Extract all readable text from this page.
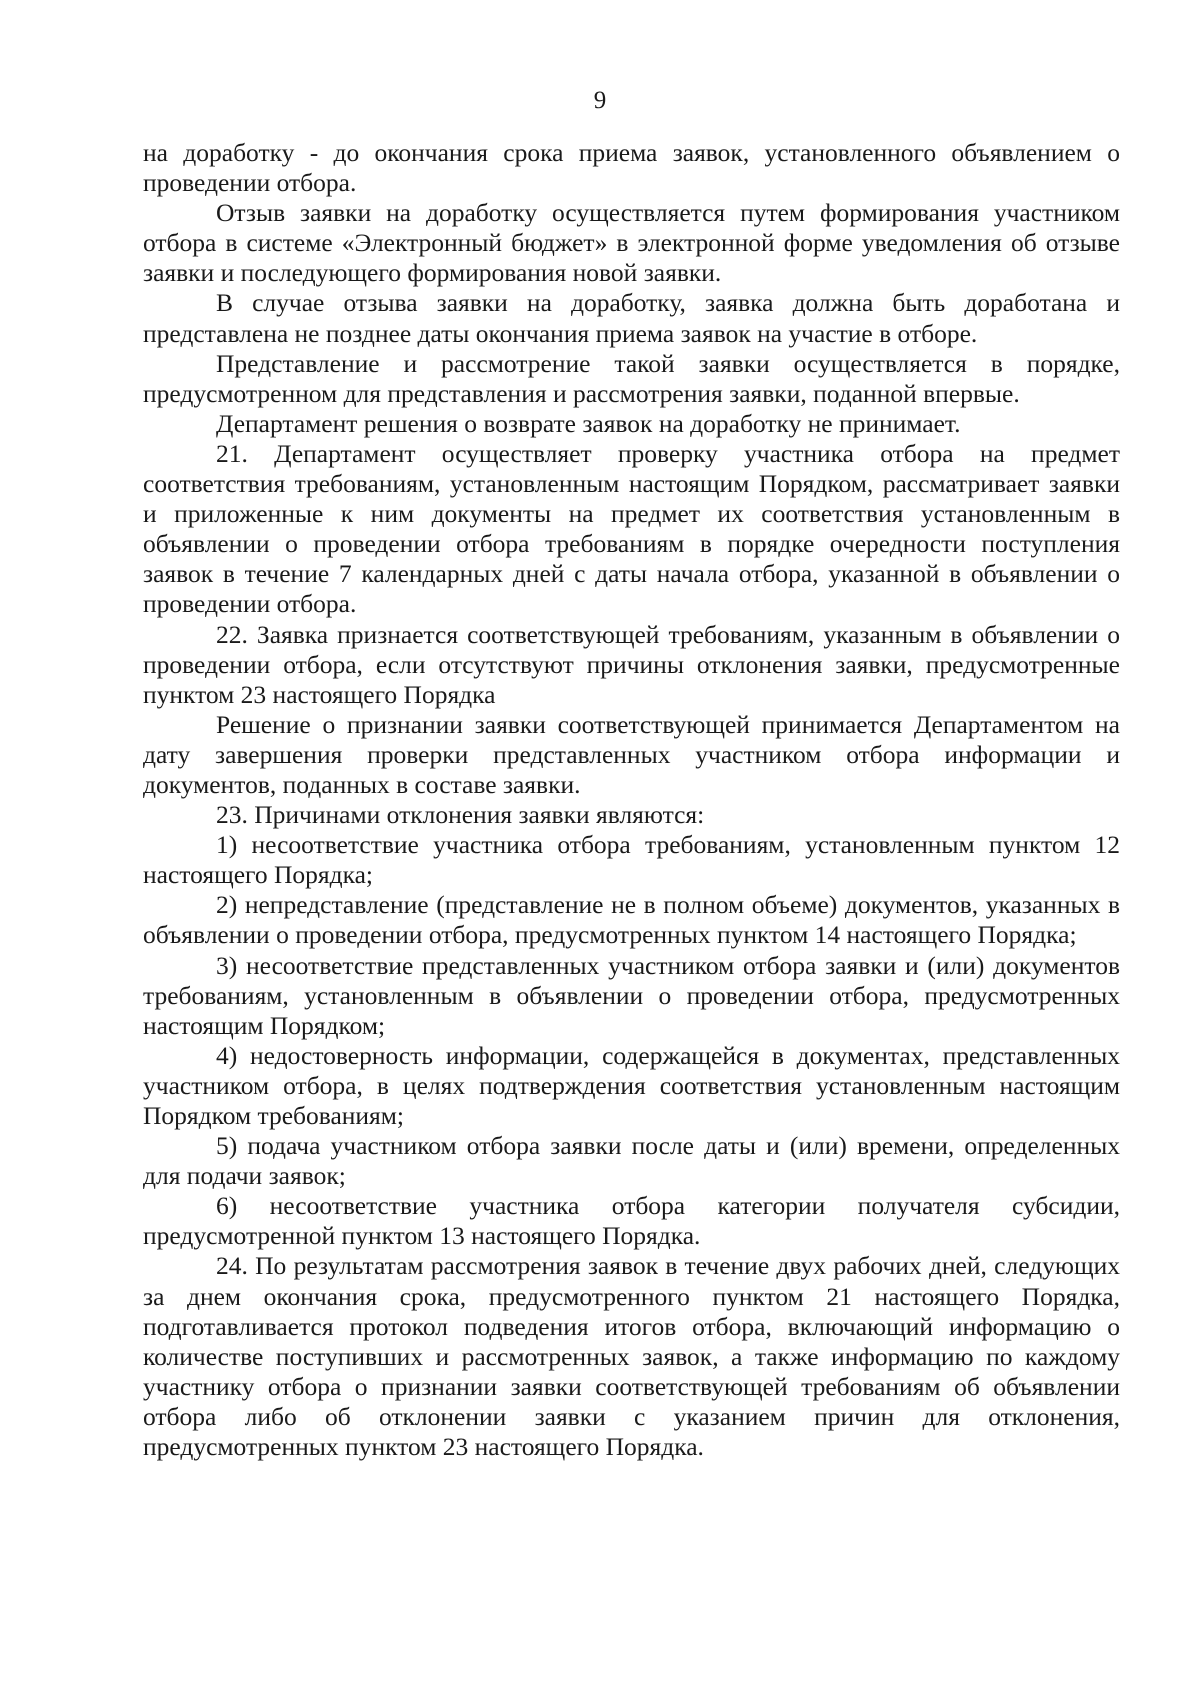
9

на доработку - до окончания срока приема заявок, установленного объявлением о проведении отбора.

Отзыв заявки на доработку осуществляется путем формирования участником отбора в системе «Электронный бюджет» в электронной форме уведомления об отзыве заявки и последующего формирования новой заявки.

В случае отзыва заявки на доработку, заявка должна быть доработана и представлена не позднее даты окончания приема заявок на участие в отборе.

Представление и рассмотрение такой заявки осуществляется в порядке, предусмотренном для представления и рассмотрения заявки, поданной впервые.

Департамент решения о возврате заявок на доработку не принимает.

21. Департамент осуществляет проверку участника отбора на предмет соответствия требованиям, установленным настоящим Порядком, рассматривает заявки и приложенные к ним документы на предмет их соответствия установленным в объявлении о проведении отбора требованиям в порядке очередности поступления заявок в течение 7 календарных дней с даты начала отбора, указанной в объявлении о проведении отбора.

22. Заявка признается соответствующей требованиям, указанным в объявлении о проведении отбора, если отсутствуют причины отклонения заявки, предусмотренные пунктом 23 настоящего Порядка

Решение о признании заявки соответствующей принимается Департаментом на дату завершения проверки представленных участником отбора информации и документов, поданных в составе заявки.

23. Причинами отклонения заявки являются:

1) несоответствие участника отбора требованиям, установленным пунктом 12 настоящего Порядка;

2) непредставление (представление не в полном объеме) документов, указанных в объявлении о проведении отбора, предусмотренных пунктом 14 настоящего Порядка;

3) несоответствие представленных участником отбора заявки и (или) документов требованиям, установленным в объявлении о проведении отбора, предусмотренных настоящим Порядком;

4) недостоверность информации, содержащейся в документах, представленных участником отбора, в целях подтверждения соответствия установленным настоящим Порядком требованиям;

5) подача участником отбора заявки после даты и (или) времени, определенных для подачи заявок;

6) несоответствие участника отбора категории получателя субсидии, предусмотренной пунктом 13 настоящего Порядка.

24. По результатам рассмотрения заявок в течение двух рабочих дней, следующих за днем окончания срока, предусмотренного пунктом 21 настоящего Порядка, подготавливается протокол подведения итогов отбора, включающий информацию о количестве поступивших и рассмотренных заявок, а также информацию по каждому участнику отбора о признании заявки соответствующей требованиям об объявлении отбора либо об отклонении заявки с указанием причин для отклонения, предусмотренных пунктом 23 настоящего Порядка.
